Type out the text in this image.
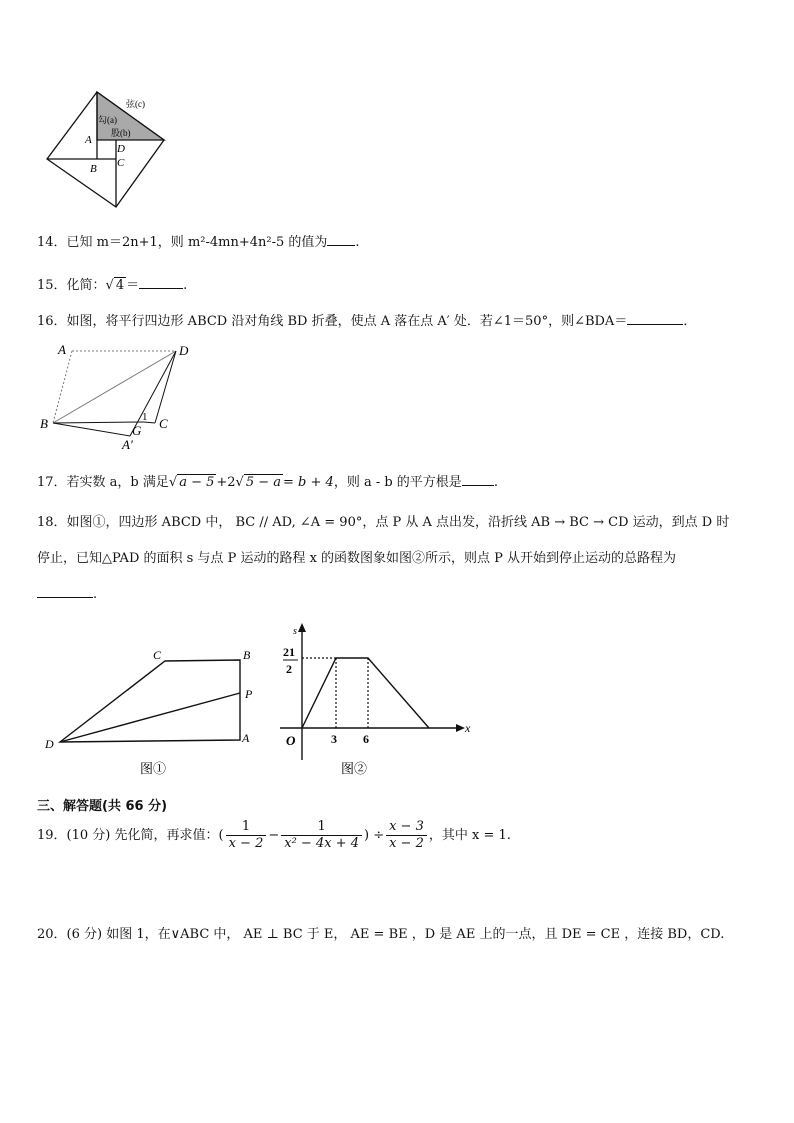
弦(c)
勾(a)
股(b)
A
D
C
B
14．已知 m＝2n+1，则 m²-4mn+4n²-5 的值为 .
15．化简：√ 4 ＝	.
16．如图，将平行四边形 ABCD 沿对角线 BD 折叠，使点 A 落在点 A′ 处．若∠1＝50°，则∠BDA＝	．
A	D
B	C
G
1
A′
17．若实数 a，b 满足√ a − 5 +2√ 5 − a = b + 4，则 a - b 的平方根是 .
18．如图①，四边形 ABCD 中， BC // AD, ∠A = 90°，点 P 从 A 点出发，沿折线 AB → BC → CD 运动，到点 D 时
停止，已知△PAD 的面积 s 与点 P 运动的路程 x 的函数图象如图②所示，则点 P 从开始到停止运动的总路程为
.
C	B
P
D	A
图①
s
21
2
O	3 6
x
图②
三、解答题(共 66 分)
19．(10 分) 先化简，再求值：( $\frac{1}{x - 2} - \frac{1}{\text{x² − 4x + 4}}$ ) ÷ $\frac{x - 3}{x - 2}$ ，其中 x = 1.
20．(6 分) 如图 1，在∨ABC 中， AE ⊥ BC 于 E， AE = BE ，D 是 AE 上的一点，且 DE = CE ，连接 BD，CD.
